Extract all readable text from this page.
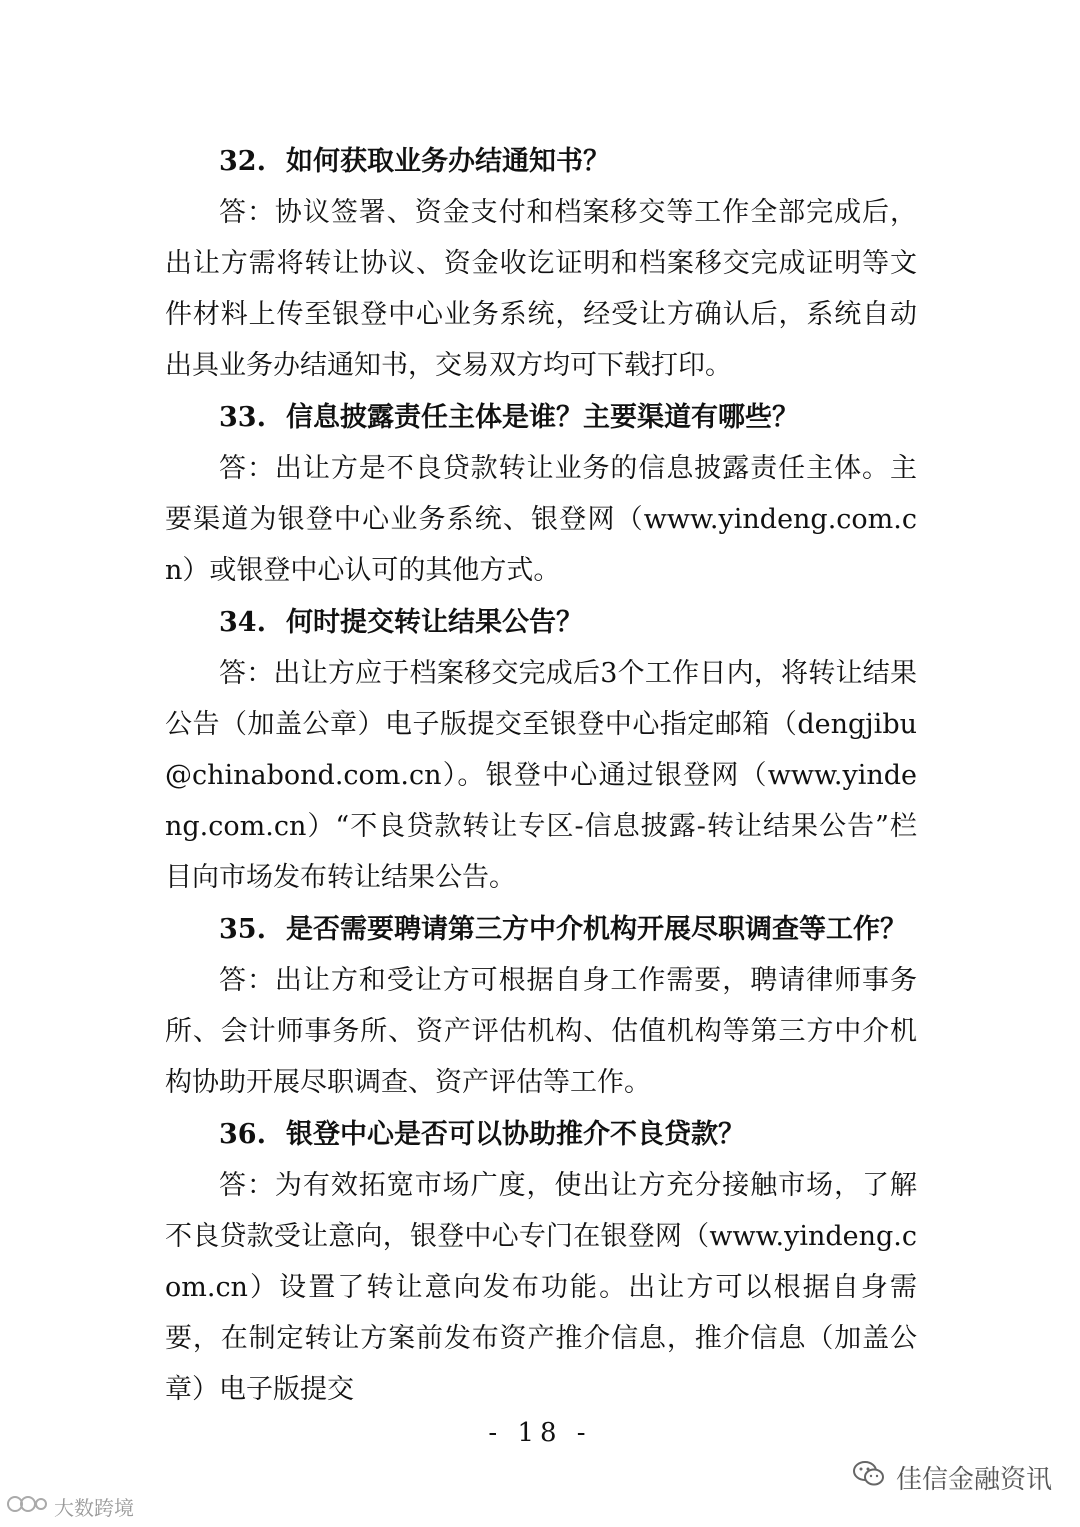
32. 如何获取业务办结通知书？

答：协议签署、资金支付和档案移交等工作全部完成后，出让方需将转让协议、资金收讫证明和档案移交完成证明等文件材料上传至银登中心业务系统，经受让方确认后，系统自动出具业务办结通知书，交易双方均可下载打印。

33. 信息披露责任主体是谁？主要渠道有哪些？

答：出让方是不良贷款转让业务的信息披露责任主体。主要渠道为银登中心业务系统、银登网（www.yindeng.com.cn）或银登中心认可的其他方式。

34. 何时提交转让结果公告？

答：出让方应于档案移交完成后3个工作日内，将转让结果公告（加盖公章）电子版提交至银登中心指定邮箱（dengjibu@chinabond.com.cn）。银登中心通过银登网（www.yindeng.com.cn）“不良贷款转让专区-信息披露-转让结果公告”栏目向市场发布转让结果公告。

35. 是否需要聘请第三方中介机构开展尽职调查等工作？

答：出让方和受让方可根据自身工作需要，聘请律师事务所、会计师事务所、资产评估机构、估值机构等第三方中介机构协助开展尽职调查、资产评估等工作。

36. 银登中心是否可以协助推介不良贷款？

答：为有效拓宽市场广度，使出让方充分接触市场，了解不良贷款受让意向，银登中心专门在银登网（www.yindeng.com.cn）设置了转让意向发布功能。出让方可以根据自身需要，在制定转让方案前发布资产推介信息，推介信息（加盖公章）电子版提交

- 18 -
佳信金融资讯
大数跨境
